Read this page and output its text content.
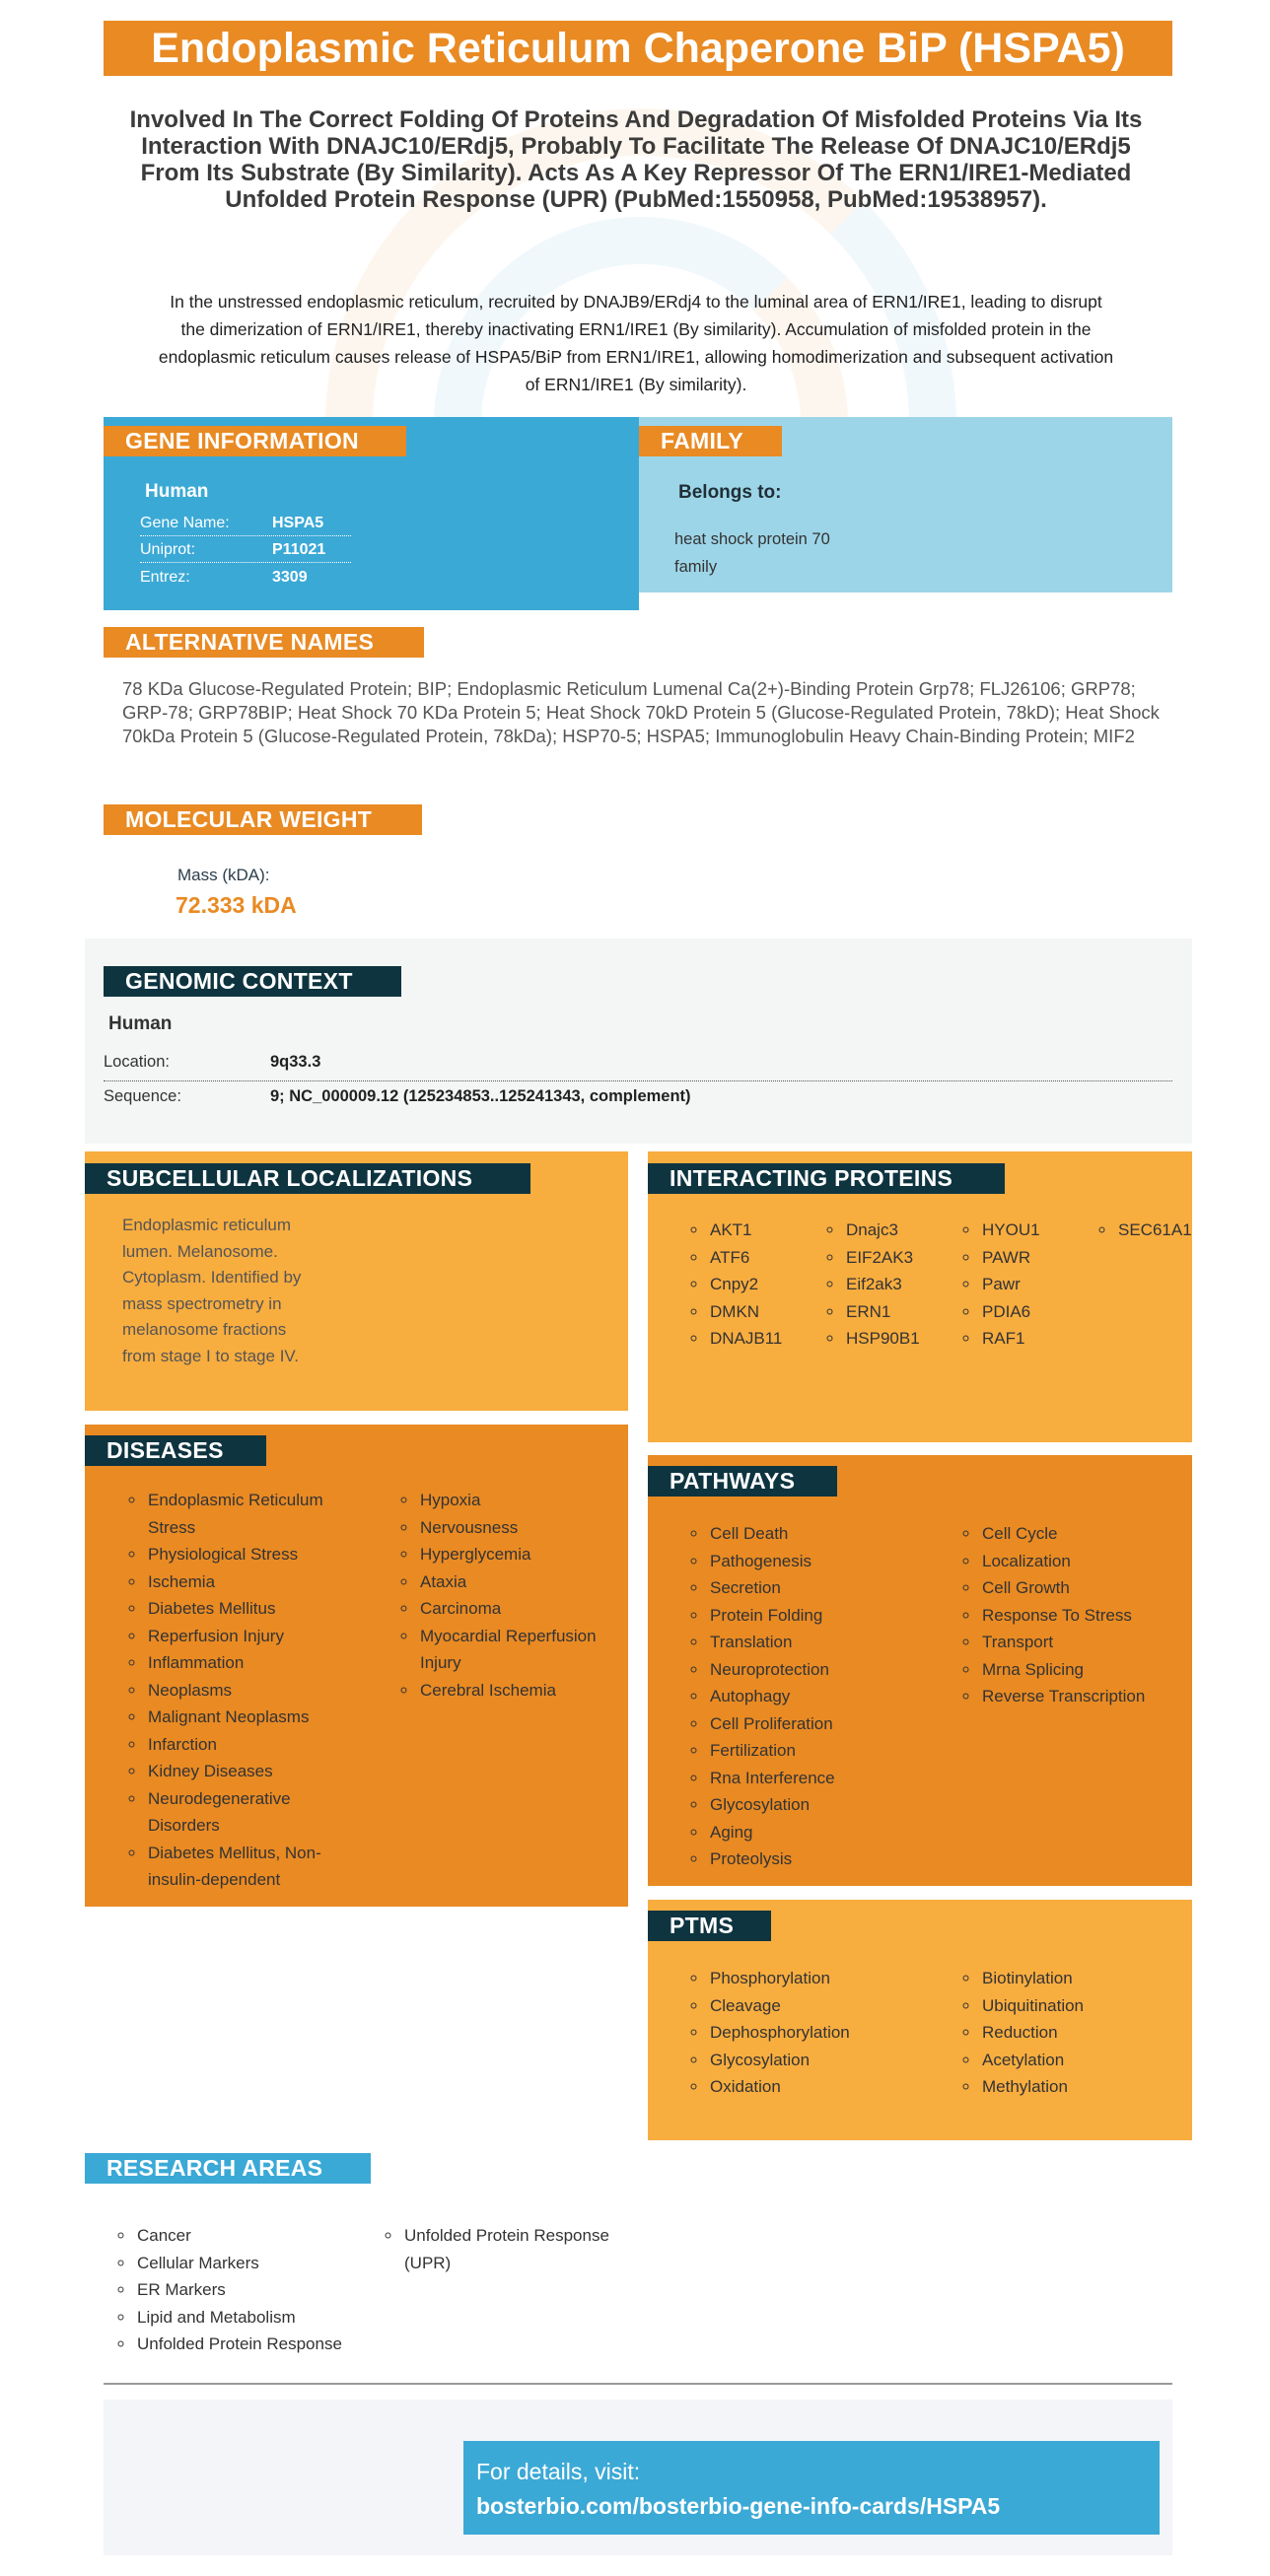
Endoplasmic Reticulum Chaperone BiP (HSPA5)
Involved In The Correct Folding Of Proteins And Degradation Of Misfolded Proteins Via Its Interaction With DNAJC10/ERdj5, Probably To Facilitate The Release Of DNAJC10/ERdj5 From Its Substrate (By Similarity). Acts As A Key Repressor Of The ERN1/IRE1-Mediated Unfolded Protein Response (UPR) (PubMed:1550958, PubMed:19538957).
In the unstressed endoplasmic reticulum, recruited by DNAJB9/ERdj4 to the luminal area of ERN1/IRE1, leading to disrupt the dimerization of ERN1/IRE1, thereby inactivating ERN1/IRE1 (By similarity). Accumulation of misfolded protein in the endoplasmic reticulum causes release of HSPA5/BiP from ERN1/IRE1, allowing homodimerization and subsequent activation of ERN1/IRE1 (By similarity).
GENE INFORMATION
Human
Gene Name:	HSPA5
Uniprot:	P11021
Entrez:	3309
FAMILY
Belongs to:
heat shock protein 70
family
ALTERNATIVE NAMES
78 KDa Glucose-Regulated Protein; BIP; Endoplasmic Reticulum Lumenal Ca(2+)-Binding Protein Grp78; FLJ26106; GRP78; GRP-78; GRP78BIP; Heat Shock 70 KDa Protein 5; Heat Shock 70kD Protein 5 (Glucose-Regulated Protein, 78kD); Heat Shock 70kDa Protein 5 (Glucose-Regulated Protein, 78kDa); HSP70-5; HSPA5; Immunoglobulin Heavy Chain-Binding Protein; MIF2
MOLECULAR WEIGHT
Mass (kDA):
72.333 kDA
GENOMIC CONTEXT
Human
Location:	9q33.3
Sequence:	9; NC_000009.12 (125234853..125241343, complement)
SUBCELLULAR LOCALIZATIONS
Endoplasmic reticulum lumen. Melanosome. Cytoplasm. Identified by mass spectrometry in melanosome fractions from stage I to stage IV.
INTERACTING PROTEINS
◦ AKT1
◦ ATF6
◦ Cnpy2
◦ DMKN
◦ DNAJB11
◦ Dnajc3
◦ EIF2AK3
◦ Eif2ak3
◦ ERN1
◦ HSP90B1
◦ HYOU1
◦ PAWR
◦ Pawr
◦ PDIA6
◦ RAF1
◦ SEC61A1
DISEASES
◦ Endoplasmic Reticulum Stress
◦ Physiological Stress
◦ Ischemia
◦ Diabetes Mellitus
◦ Reperfusion Injury
◦ Inflammation
◦ Neoplasms
◦ Malignant Neoplasms
◦ Infarction
◦ Kidney Diseases
◦ Neurodegenerative Disorders
◦ Diabetes Mellitus, Non-insulin-dependent
◦ Hypoxia
◦ Nervousness
◦ Hyperglycemia
◦ Ataxia
◦ Carcinoma
◦ Myocardial Reperfusion Injury
◦ Cerebral Ischemia
PATHWAYS
◦ Cell Death
◦ Pathogenesis
◦ Secretion
◦ Protein Folding
◦ Translation
◦ Neuroprotection
◦ Autophagy
◦ Cell Proliferation
◦ Fertilization
◦ Rna Interference
◦ Glycosylation
◦ Aging
◦ Proteolysis
◦ Cell Cycle
◦ Localization
◦ Cell Growth
◦ Response To Stress
◦ Transport
◦ Mrna Splicing
◦ Reverse Transcription
PTMS
◦ Phosphorylation
◦ Cleavage
◦ Dephosphorylation
◦ Glycosylation
◦ Oxidation
◦ Biotinylation
◦ Ubiquitination
◦ Reduction
◦ Acetylation
◦ Methylation
RESEARCH AREAS
◦ Cancer
◦ Cellular Markers
◦ ER Markers
◦ Lipid and Metabolism
◦ Unfolded Protein Response
◦ Unfolded Protein Response (UPR)
For details, visit:
bosterbio.com/bosterbio-gene-info-cards/HSPA5
